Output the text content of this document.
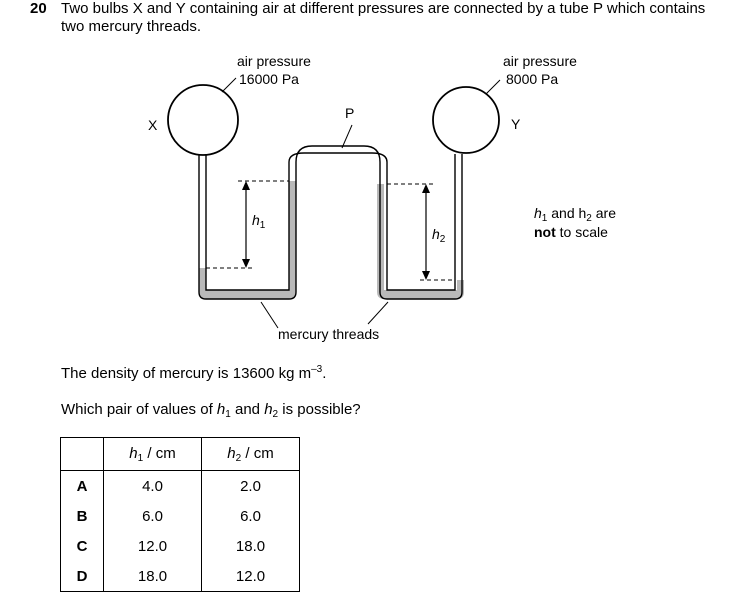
20 Two bulbs X and Y containing air at different pressures are connected by a tube P which contains
two mercury threads.
air pressure
16000 Pa
air pressure
8000 Pa
X	Y
P
$h_1$
$h_2$
mercury threads
$h_1$ and $h_2$ are
not to scale
The density of mercury is 13600 kg $m^{-3}$.
Which pair of values of $h_1$ and $h_2$ is possible?
	$h_1$ / cm	$h_2$ / cm
A	4.0	2.0
B	6.0	6.0
C	12.0	18.0
D	18.0	12.0
